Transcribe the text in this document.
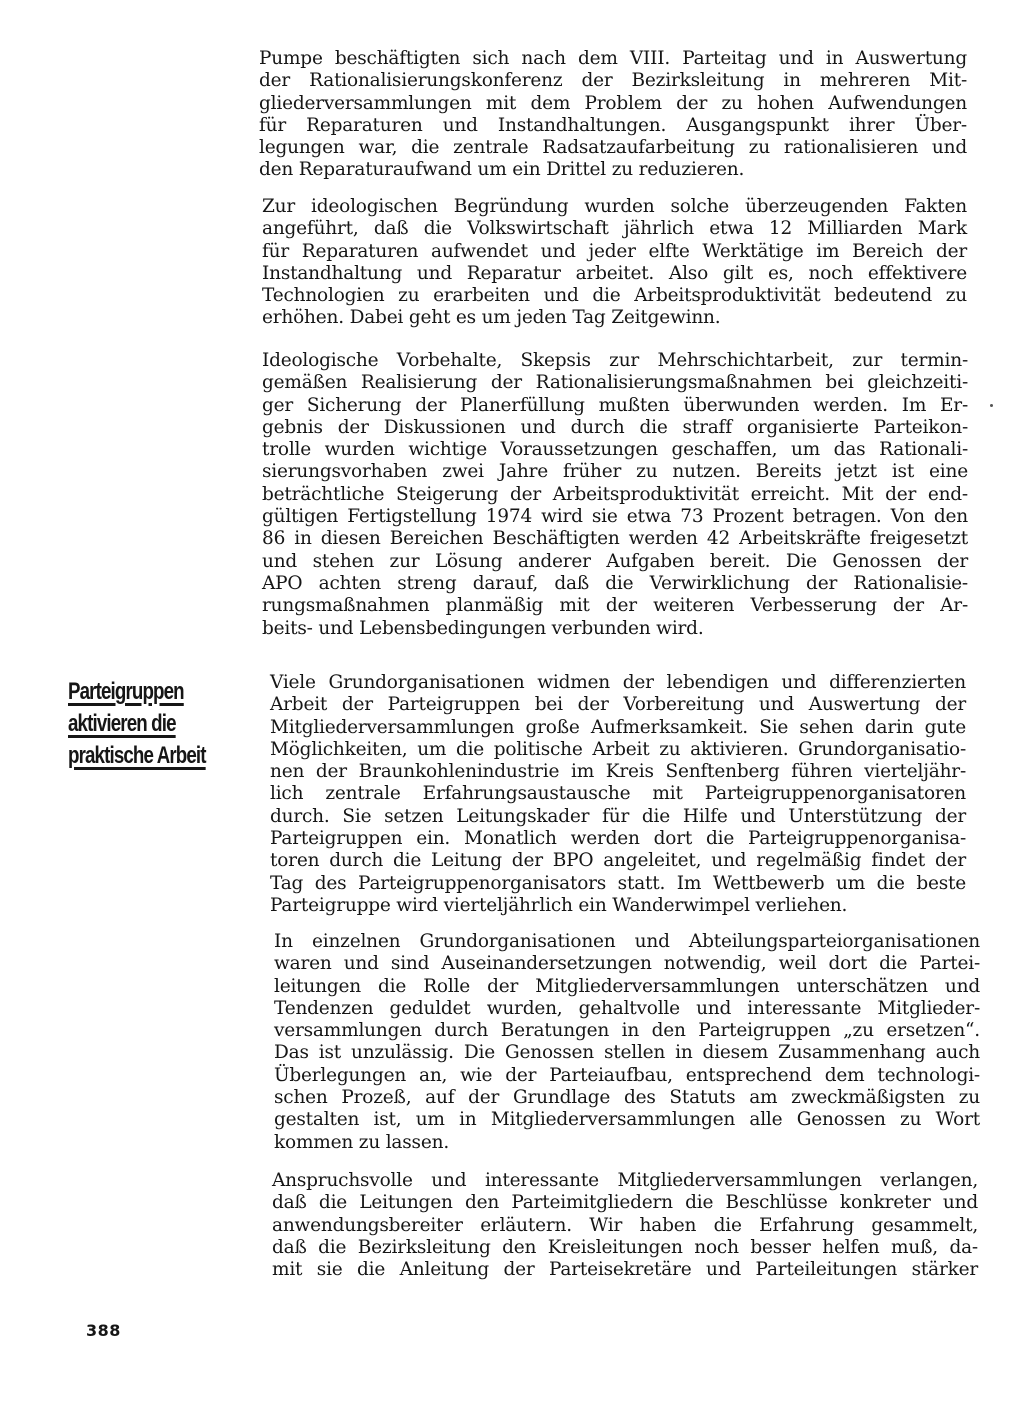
Pumpe beschäftigten sich nach dem VIII. Parteitag und in Auswertung
der Rationalisierungskonferenz der Bezirksleitung in mehreren Mit-
gliederversammlungen mit dem Problem der zu hohen Aufwendungen
für Reparaturen und Instandhaltungen. Ausgangspunkt ihrer Über-
legungen war, die zentrale Radsatzaufarbeitung zu rationalisieren und
den Reparaturaufwand um ein Drittel zu reduzieren.
Zur ideologischen Begründung wurden solche überzeugenden Fakten
angeführt, daß die Volkswirtschaft jährlich etwa 12 Milliarden Mark
für Reparaturen aufwendet und jeder elfte Werktätige im Bereich der
Instandhaltung und Reparatur arbeitet. Also gilt es, noch effektivere
Technologien zu erarbeiten und die Arbeitsproduktivität bedeutend zu
erhöhen. Dabei geht es um jeden Tag Zeitgewinn.
Ideologische Vorbehalte, Skepsis zur Mehrschichtarbeit, zur termin-
gemäßen Realisierung der Rationalisierungsmaßnahmen bei gleichzeiti-
ger Sicherung der Planerfüllung mußten überwunden werden. Im Er-
gebnis der Diskussionen und durch die straff organisierte Parteikon-
trolle wurden wichtige Voraussetzungen geschaffen, um das Rationali-
sierungsvorhaben zwei Jahre früher zu nutzen. Bereits jetzt ist eine
beträchtliche Steigerung der Arbeitsproduktivität erreicht. Mit der end-
gültigen Fertigstellung 1974 wird sie etwa 73 Prozent betragen. Von den
86 in diesen Bereichen Beschäftigten werden 42 Arbeitskräfte freigesetzt
und stehen zur Lösung anderer Aufgaben bereit. Die Genossen der
APO achten streng darauf, daß die Verwirklichung der Rationalisie-
rungsmaßnahmen planmäßig mit der weiteren Verbesserung der Ar-
beits- und Lebensbedingungen verbunden wird.
Parteigruppen
aktivieren die
praktische Arbeit
Viele Grundorganisationen widmen der lebendigen und differenzierten
Arbeit der Parteigruppen bei der Vorbereitung und Auswertung der
Mitgliederversammlungen große Aufmerksamkeit. Sie sehen darin gute
Möglichkeiten, um die politische Arbeit zu aktivieren. Grundorganisatio-
nen der Braunkohlenindustrie im Kreis Senftenberg führen vierteljähr-
lich zentrale Erfahrungsaustausche mit Parteigruppenorganisatoren
durch. Sie setzen Leitungskader für die Hilfe und Unterstützung der
Parteigruppen ein. Monatlich werden dort die Parteigruppenorganisa-
toren durch die Leitung der BPO angeleitet, und regelmäßig findet der
Tag des Parteigruppenorganisators statt. Im Wettbewerb um die beste
Parteigruppe wird vierteljährlich ein Wanderwimpel verliehen.
In einzelnen Grundorganisationen und Abteilungsparteiorganisationen
waren und sind Auseinandersetzungen notwendig, weil dort die Partei-
leitungen die Rolle der Mitgliederversammlungen unterschätzen und
Tendenzen geduldet wurden, gehaltvolle und interessante Mitglieder-
versammlungen durch Beratungen in den Parteigruppen „zu ersetzen“.
Das ist unzulässig. Die Genossen stellen in diesem Zusammenhang auch
Überlegungen an, wie der Parteiaufbau, entsprechend dem technologi-
schen Prozeß, auf der Grundlage des Statuts am zweckmäßigsten zu
gestalten ist, um in Mitgliederversammlungen alle Genossen zu Wort
kommen zu lassen.
Anspruchsvolle und interessante Mitgliederversammlungen verlangen,
daß die Leitungen den Parteimitgliedern die Beschlüsse konkreter und
anwendungsbereiter erläutern. Wir haben die Erfahrung gesammelt,
daß die Bezirksleitung den Kreisleitungen noch besser helfen muß, da-
mit sie die Anleitung der Parteisekretäre und Parteileitungen stärker
388
